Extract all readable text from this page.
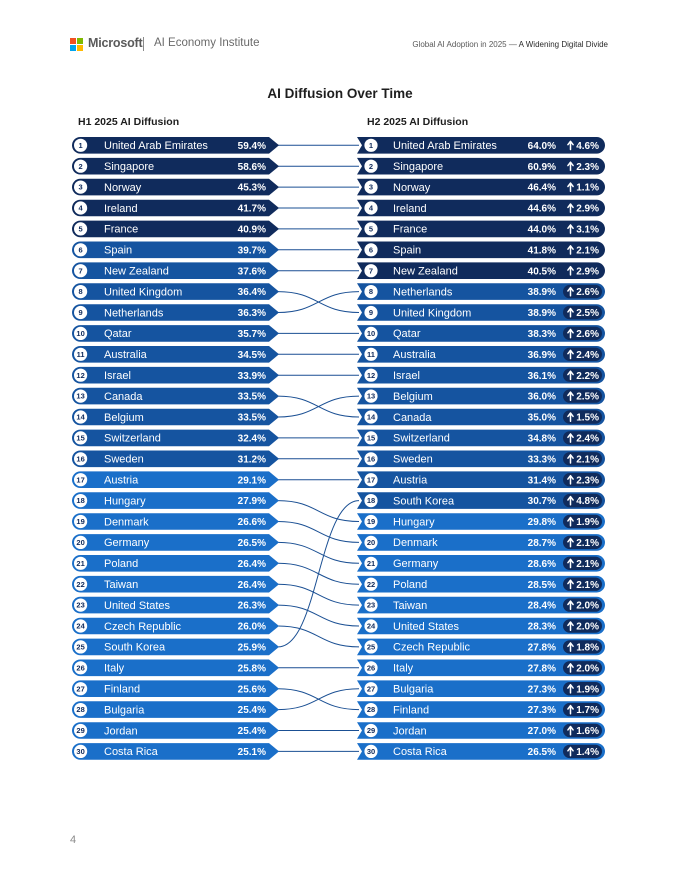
Microsoft AI Economy Institute	Global AI Adoption in 2025 — A Widening Digital Divide
AI Diffusion Over Time
H1 2025 AI Diffusion	H2 2025 AI Diffusion
1 United Arab Emirates	59.4%
2 Singapore	58.6%
3 Norway	45.3%
4 Ireland	41.7%
5 France	40.9%
6 Spain	39.7%
7 New Zealand	37.6%
8 United Kingdom	36.4%
9 Netherlands	36.3%
10 Qatar	35.7%
11 Australia	34.5%
12 Israel	33.9%
13 Canada	33.5%
14 Belgium	33.5%
15 Switzerland	32.4%
16 Sweden	31.2%
17 Austria	29.1%
18 Hungary	27.9%
19 Denmark	26.6%
20 Germany	26.5%
21 Poland	26.4%
22 Taiwan	26.4%
23 United States	26.3%
24 Czech Republic	26.0%
25 South Korea	25.9%
26 Italy	25.8%
27 Finland	25.6%
28 Bulgaria	25.4%
29 Jordan	25.4%
30 Costa Rica	25.1%
1 United Arab Emirates	64.0% 4.6%
2 Singapore	60.9% 2.3%
3 Norway	46.4% 1.1%
4 Ireland	44.6% 2.9%
5 France	44.0% 3.1%
6 Spain	41.8% 2.1%
7 New Zealand	40.5% 2.9%
8 Netherlands	38.9% 2.6%
9 United Kingdom	38.9% 2.5%
10 Qatar	38.3% 2.6%
11 Australia	36.9% 2.4%
12 Israel	36.1% 2.2%
13 Belgium	36.0% 2.5%
14 Canada	35.0% 1.5%
15 Switzerland	34.8% 2.4%
16 Sweden	33.3% 2.1%
17 Austria	31.4% 2.3%
18 South Korea	30.7% 4.8%
19 Hungary	29.8% 1.9%
20 Denmark	28.7% 2.1%
21 Germany	28.6% 2.1%
22 Poland	28.5% 2.1%
23 Taiwan	28.4% 2.0%
24 United States	28.3% 2.0%
25 Czech Republic	27.8% 1.8%
26 Italy	27.8% 2.0%
27 Bulgaria	27.3% 1.9%
28 Finland	27.3% 1.7%
29 Jordan	27.0% 1.6%
30 Costa Rica	26.5% 1.4%
4
